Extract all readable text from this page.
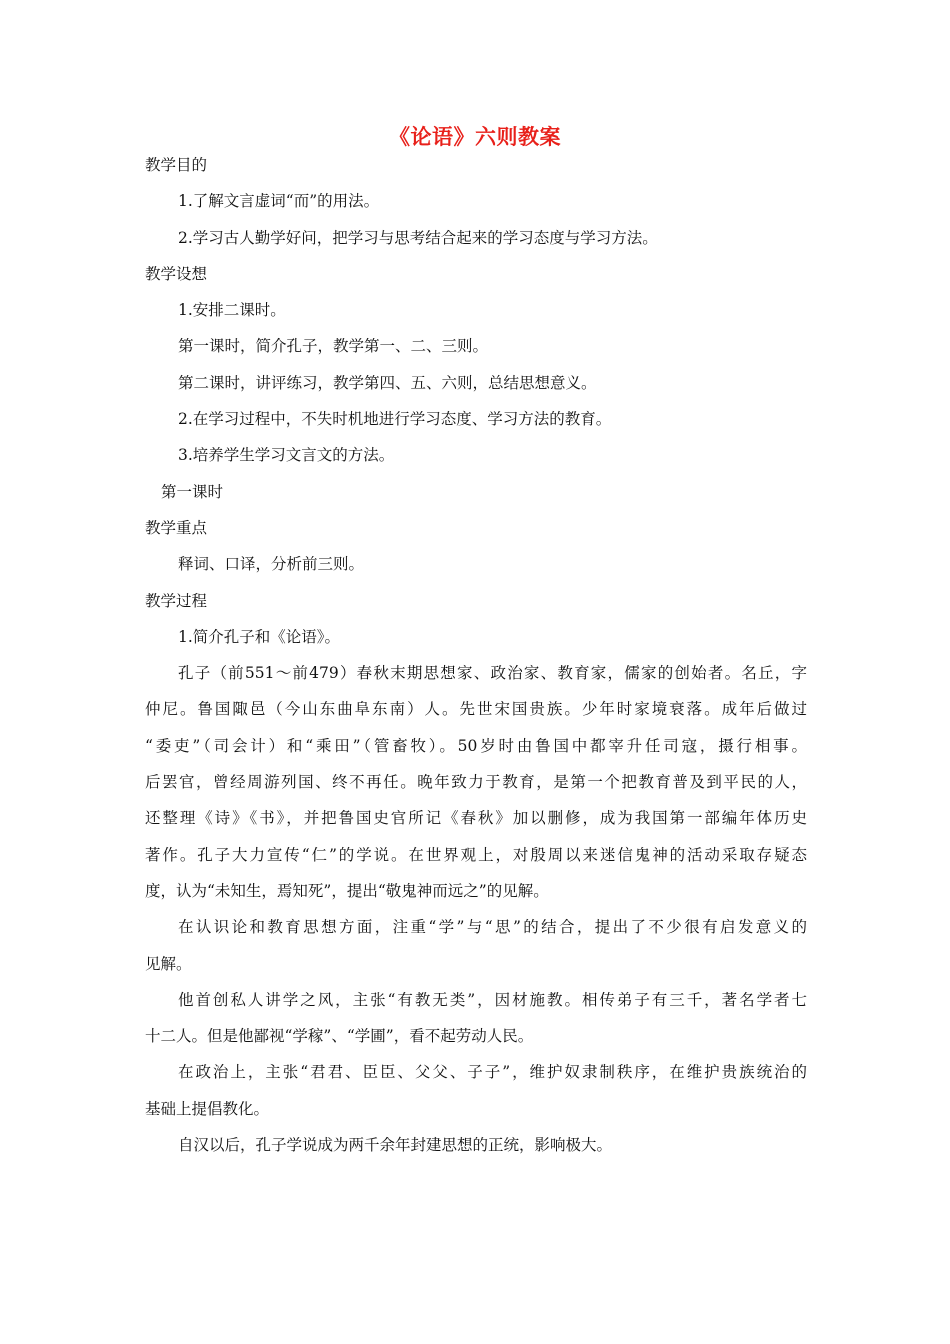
《论语》六则教案
教学目的
1.了解文言虚词“而”的用法。
2.学习古人勤学好问，把学习与思考结合起来的学习态度与学习方法。
教学设想
1.安排二课时。
第一课时，简介孔子，教学第一、二、三则。
第二课时，讲评练习，教学第四、五、六则，总结思想意义。
2.在学习过程中，不失时机地进行学习态度、学习方法的教育。
3.培养学生学习文言文的方法。
第一课时
教学重点
释词、口译，分析前三则。
教学过程
1.简介孔子和《论语》。
孔子（前551～前479）春秋末期思想家、政治家、教育家，儒家的创始者。名丘，字
仲尼。鲁国陬邑（今山东曲阜东南）人。先世宋国贵族。少年时家境衰落。成年后做过
“委吏”（司会计）和“乘田”（管畜牧）。50岁时由鲁国中都宰升任司寇，摄行相事。
后罢官，曾经周游列国、终不再任。晚年致力于教育，是第一个把教育普及到平民的人，
还整理《诗》《书》，并把鲁国史官所记《春秋》加以删修，成为我国第一部编年体历史
著作。孔子大力宣传“仁”的学说。在世界观上，对殷周以来迷信鬼神的活动采取存疑态
度，认为“未知生，焉知死”，提出“敬鬼神而远之”的见解。
在认识论和教育思想方面，注重“学”与“思”的结合，提出了不少很有启发意义的
见解。
他首创私人讲学之风，主张“有教无类”，因材施教。相传弟子有三千，著名学者七
十二人。但是他鄙视“学稼”、“学圃”，看不起劳动人民。
在政治上，主张“君君、臣臣、父父、子子”，维护奴隶制秩序，在维护贵族统治的
基础上提倡教化。
自汉以后，孔子学说成为两千余年封建思想的正统，影响极大。
